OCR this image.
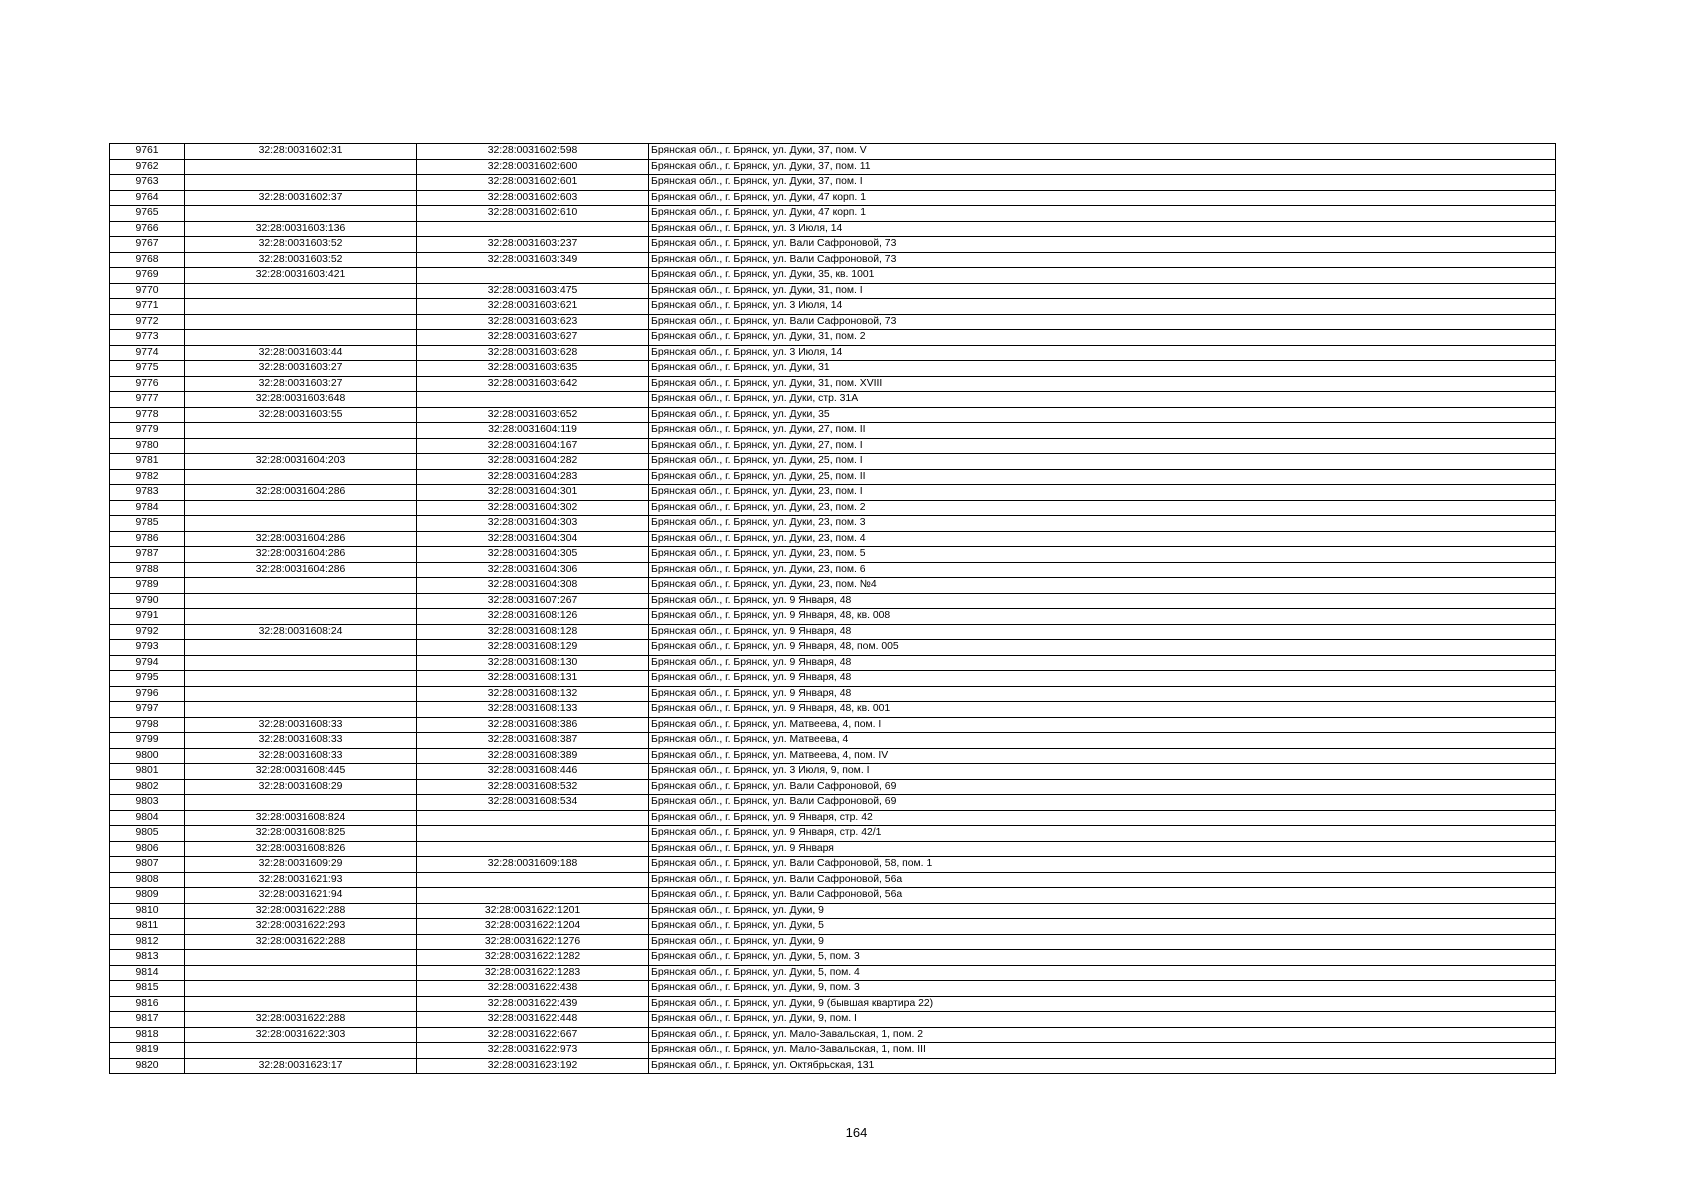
9761	32:28:0031602:31	32:28:0031602:598	Брянская обл., г. Брянск, ул. Дуки, 37, пом. V
9762		32:28:0031602:600	Брянская обл., г. Брянск, ул. Дуки, 37, пом. 11
9763		32:28:0031602:601	Брянская обл., г. Брянск, ул. Дуки, 37, пом. I
9764	32:28:0031602:37	32:28:0031602:603	Брянская обл., г. Брянск, ул. Дуки, 47 корп. 1
9765		32:28:0031602:610	Брянская обл., г. Брянск, ул. Дуки, 47 корп. 1
9766	32:28:0031603:136		Брянская обл., г. Брянск, ул. 3 Июля, 14
9767	32:28:0031603:52	32:28:0031603:237	Брянская обл., г. Брянск, ул. Вали Сафроновой, 73
9768	32:28:0031603:52	32:28:0031603:349	Брянская обл., г. Брянск, ул. Вали Сафроновой, 73
9769	32:28:0031603:421		Брянская обл., г. Брянск, ул. Дуки, 35, кв. 1001
9770		32:28:0031603:475	Брянская обл., г. Брянск, ул. Дуки, 31, пом. I
9771		32:28:0031603:621	Брянская обл., г. Брянск, ул. 3 Июля, 14
9772		32:28:0031603:623	Брянская обл., г. Брянск, ул. Вали Сафроновой, 73
9773		32:28:0031603:627	Брянская обл., г. Брянск, ул. Дуки, 31, пом. 2
9774	32:28:0031603:44	32:28:0031603:628	Брянская обл., г. Брянск, ул. 3 Июля, 14
9775	32:28:0031603:27	32:28:0031603:635	Брянская обл., г. Брянск, ул. Дуки, 31
9776	32:28:0031603:27	32:28:0031603:642	Брянская обл., г. Брянск, ул. Дуки, 31, пом. XVIII
9777	32:28:0031603:648		Брянская обл., г. Брянск, ул. Дуки, стр. 31А
9778	32:28:0031603:55	32:28:0031603:652	Брянская обл., г. Брянск, ул. Дуки, 35
9779		32:28:0031604:119	Брянская обл., г. Брянск, ул. Дуки, 27, пом. II
9780		32:28:0031604:167	Брянская обл., г. Брянск, ул. Дуки, 27, пом. I
9781	32:28:0031604:203	32:28:0031604:282	Брянская обл., г. Брянск, ул. Дуки, 25, пом. I
9782		32:28:0031604:283	Брянская обл., г. Брянск, ул. Дуки, 25, пом. II
9783	32:28:0031604:286	32:28:0031604:301	Брянская обл., г. Брянск, ул. Дуки, 23, пом. I
9784		32:28:0031604:302	Брянская обл., г. Брянск, ул. Дуки, 23, пом. 2
9785		32:28:0031604:303	Брянская обл., г. Брянск, ул. Дуки, 23, пом. 3
9786	32:28:0031604:286	32:28:0031604:304	Брянская обл., г. Брянск, ул. Дуки, 23, пом. 4
9787	32:28:0031604:286	32:28:0031604:305	Брянская обл., г. Брянск, ул. Дуки, 23, пом. 5
9788	32:28:0031604:286	32:28:0031604:306	Брянская обл., г. Брянск, ул. Дуки, 23, пом. 6
9789		32:28:0031604:308	Брянская обл., г. Брянск, ул. Дуки, 23, пом. №4
9790		32:28:0031607:267	Брянская обл., г. Брянск, ул. 9 Января, 48
9791		32:28:0031608:126	Брянская обл., г. Брянск, ул. 9 Января, 48, кв. 008
9792	32:28:0031608:24	32:28:0031608:128	Брянская обл., г. Брянск, ул. 9 Января, 48
9793		32:28:0031608:129	Брянская обл., г. Брянск, ул. 9 Января, 48, пом. 005
9794		32:28:0031608:130	Брянская обл., г. Брянск, ул. 9 Января, 48
9795		32:28:0031608:131	Брянская обл., г. Брянск, ул. 9 Января, 48
9796		32:28:0031608:132	Брянская обл., г. Брянск, ул. 9 Января, 48
9797		32:28:0031608:133	Брянская обл., г. Брянск, ул. 9 Января, 48, кв. 001
9798	32:28:0031608:33	32:28:0031608:386	Брянская обл., г. Брянск, ул. Матвеева, 4, пом. I
9799	32:28:0031608:33	32:28:0031608:387	Брянская обл., г. Брянск, ул. Матвеева, 4
9800	32:28:0031608:33	32:28:0031608:389	Брянская обл., г. Брянск, ул. Матвеева, 4, пом. IV
9801	32:28:0031608:445	32:28:0031608:446	Брянская обл., г. Брянск, ул. 3 Июля, 9, пом. I
9802	32:28:0031608:29	32:28:0031608:532	Брянская обл., г. Брянск, ул. Вали Сафроновой, 69
9803		32:28:0031608:534	Брянская обл., г. Брянск, ул. Вали Сафроновой, 69
9804	32:28:0031608:824		Брянская обл., г. Брянск, ул. 9 Января, стр. 42
9805	32:28:0031608:825		Брянская обл., г. Брянск, ул. 9 Января, стр. 42/1
9806	32:28:0031608:826		Брянская обл., г. Брянск, ул. 9 Января
9807	32:28:0031609:29	32:28:0031609:188	Брянская обл., г. Брянск, ул. Вали Сафроновой, 58, пом. 1
9808	32:28:0031621:93		Брянская обл., г. Брянск, ул. Вали Сафроновой, 56а
9809	32:28:0031621:94		Брянская обл., г. Брянск, ул. Вали Сафроновой, 56а
9810	32:28:0031622:288	32:28:0031622:1201	Брянская обл., г. Брянск, ул. Дуки, 9
9811	32:28:0031622:293	32:28:0031622:1204	Брянская обл., г. Брянск, ул. Дуки, 5
9812	32:28:0031622:288	32:28:0031622:1276	Брянская обл., г. Брянск, ул. Дуки, 9
9813		32:28:0031622:1282	Брянская обл., г. Брянск, ул. Дуки, 5, пом. 3
9814		32:28:0031622:1283	Брянская обл., г. Брянск, ул. Дуки, 5, пом. 4
9815		32:28:0031622:438	Брянская обл., г. Брянск, ул. Дуки, 9, пом. 3
9816		32:28:0031622:439	Брянская обл., г. Брянск, ул. Дуки, 9 (бывшая квартира 22)
9817	32:28:0031622:288	32:28:0031622:448	Брянская обл., г. Брянск, ул. Дуки, 9, пом. I
9818	32:28:0031622:303	32:28:0031622:667	Брянская обл., г. Брянск, ул. Мало-Завальская, 1, пом. 2
9819		32:28:0031622:973	Брянская обл., г. Брянск, ул. Мало-Завальская, 1, пом. III
9820	32:28:0031623:17	32:28:0031623:192	Брянская обл., г. Брянск, ул. Октябрьская, 131
164
